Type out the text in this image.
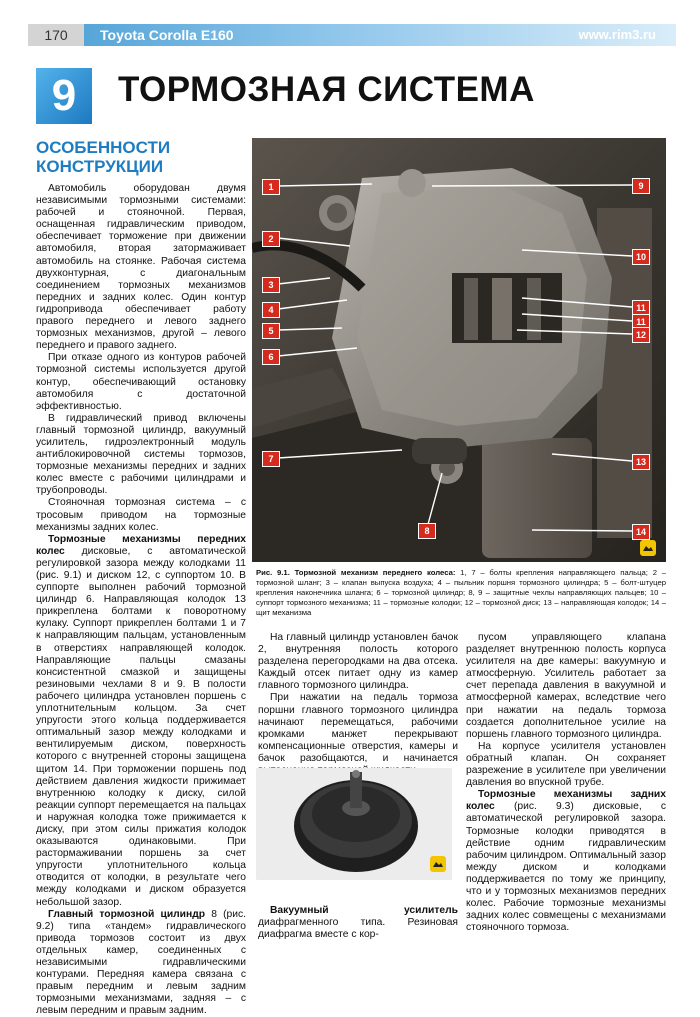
170	Toyota Corolla E160	www.rim3.ru
9	ТОРМОЗНАЯ СИСТЕМА
ОСОБЕННОСТИ КОНСТРУКЦИИ

Автомобиль оборудован двумя независимыми тормозными системами: рабочей и стояночной. Первая, оснащенная гидравлическим приводом, обеспечивает торможение при движении автомобиля, вторая затормаживает автомобиль на стоянке. Рабочая система двухконтурная, с диагональным соединением тормозных механизмов передних и задних колес. Один контур гидропривода обеспечивает работу правого переднего и левого заднего тормозных механизмов, другой – левого переднего и правого заднего.

При отказе одного из контуров рабочей тормозной системы используется другой контур, обеспечивающий остановку автомобиля с достаточной эффективностью.

В гидравлический привод включены главный тормозной цилиндр, вакуумный усилитель, гидроэлектронный модуль антиблокировочной системы тормозов, тормозные механизмы передних и задних колес вместе с рабочими цилиндрами и трубопроводы.

Стояночная тормозная система – с тросовым приводом на тормозные механизмы задних колес.

Тормозные механизмы передних колес дисковые, с автоматической регулировкой зазора между колодками 11 (рис. 9.1) и диском 12, с суппортом 10. В суппорте выполнен рабочий тормозной цилиндр 6. Направляющая колодок 13 прикреплена болтами к поворотному кулаку. Суппорт прикреплен болтами 1 и 7 к направляющим пальцам, установленным в отверстиях направляющей колодок. Направляющие пальцы смазаны консистентной смазкой и защищены резиновыми чехлами 8 и 9. В полости рабочего цилиндра установлен поршень с уплотнительным кольцом. За счет упругости этого кольца поддерживается оптимальный зазор между колодками и вентилируемым диском, поверхность которого с внутренней стороны защищена щитом 14. При торможении поршень под действием давления жидкости прижимает внутреннюю колодку к диску, силой реакции суппорт перемещается на пальцах и наружная колодка тоже прижимается к диску, при этом силы прижатия колодок оказываются одинаковыми. При растормаживании поршень за счет упругости уплотнительного кольца отводится от колодки, в результате чего между колодками и диском образуется небольшой зазор.

Главный тормозной цилиндр 8 (рис. 9.2) типа «тандем» гидравлического привода тормозов состоит из двух отдельных камер, соединенных с независимыми гидравлическими контурами. Передняя камера связана с правым передним и левым задним тормозными механизмами, задняя – с левым передним и правым задним.

1
2
3
4
5
6
7
8
9
10
11
11
12
13
14
Рис. 9.1. Тормозной механизм переднего колеса: 1, 7 – болты крепления направляющего пальца; 2 – тормозной шланг; 3 – клапан выпуска воздуха; 4 – пыльник поршня тормозного цилиндра; 5 – болт-штуцер крепления наконечника шланга; 6 – тормозной цилиндр; 8, 9 – защитные чехлы направляющих пальцев; 10 – суппорт тормозного механизма; 11 – тормозные колодки; 12 – тормозной диск; 13 – направляющая колодок; 14 – щит механизма

На главный цилиндр установлен бачок 2, внутренняя полость которого разделена перегородками на два отсека. Каждый отсек питает одну из камер главного тормозного цилиндра.

При нажатии на педаль тормоза поршни главного тормозного цилиндра начинают перемещаться, рабочими кромками манжет перекрывают компенсационные отверстия, камеры и бачок разобщаются, и начинается

Вакуумный усилитель диафрагменного типа. Резиновая диафрагма вместе с кор-

пусом управляющего клапана разделяет внутреннюю полость корпуса усилителя на две камеры: вакуумную и атмосферную. Усилитель работает за счет перепада давления в вакуумной и атмосферной камерах, вследствие чего при нажатии на педаль тормоза создается дополнительное усилие на поршень главного тормозного цилиндра.

На корпусе усилителя установлен обратный клапан. Он сохраняет разрежение в усилителе при увеличении давления во впускной трубе.

Тормозные механизмы задних колес (рис. 9.3) дисковые, с автоматической регулировкой зазора. Тормозные колодки приводятся в действие одним гидравлическим рабочим цилиндром. Оптимальный зазор между диском и колодками поддерживается по тому же принципу, что и у тормозных механизмов передних колес. Рабочие тормозные механизмы задних колес совмещены с механизмами стояночного тормоза.
